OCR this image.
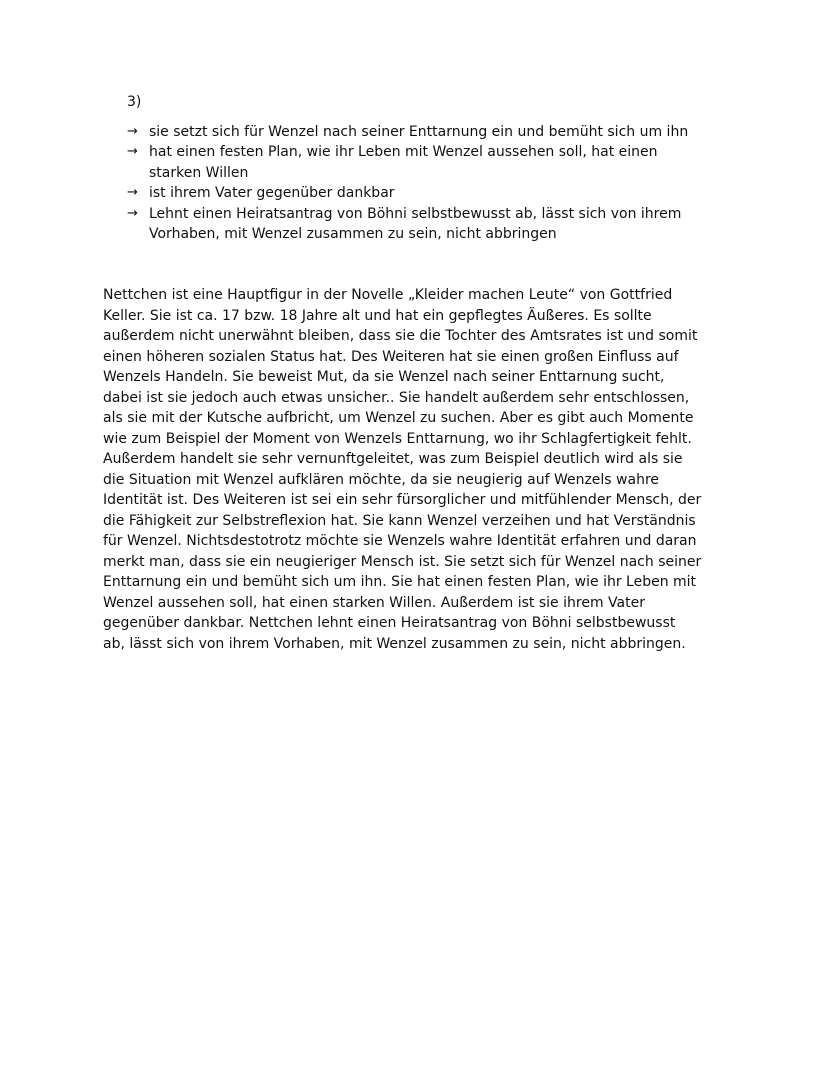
3)

→ sie setzt sich für Wenzel nach seiner Enttarnung ein und bemüht sich um ihn
→ hat einen festen Plan, wie ihr Leben mit Wenzel aussehen soll, hat einen
starken Willen
→ ist ihrem Vater gegenüber dankbar
→ Lehnt einen Heiratsantrag von Böhni selbstbewusst ab, lässt sich von ihrem
Vorhaben, mit Wenzel zusammen zu sein, nicht abbringen

Nettchen ist eine Hauptfigur in der Novelle „Kleider machen Leute“ von Gottfried
Keller. Sie ist ca. 17 bzw. 18 Jahre alt und hat ein gepflegtes Äußeres. Es sollte
außerdem nicht unerwähnt bleiben, dass sie die Tochter des Amtsrates ist und somit
einen höheren sozialen Status hat. Des Weiteren hat sie einen großen Einfluss auf
Wenzels Handeln. Sie beweist Mut, da sie Wenzel nach seiner Enttarnung sucht,
dabei ist sie jedoch auch etwas unsicher.. Sie handelt außerdem sehr entschlossen,
als sie mit der Kutsche aufbricht, um Wenzel zu suchen. Aber es gibt auch Momente
wie zum Beispiel der Moment von Wenzels Enttarnung, wo ihr Schlagfertigkeit fehlt.
Außerdem handelt sie sehr vernunftgeleitet, was zum Beispiel deutlich wird als sie
die Situation mit Wenzel aufklären möchte, da sie neugierig auf Wenzels wahre
Identität ist. Des Weiteren ist sei ein sehr fürsorglicher und mitfühlender Mensch, der
die Fähigkeit zur Selbstreflexion hat. Sie kann Wenzel verzeihen und hat Verständnis
für Wenzel. Nichtsdestotrotz möchte sie Wenzels wahre Identität erfahren und daran
merkt man, dass sie ein neugieriger Mensch ist. Sie setzt sich für Wenzel nach seiner
Enttarnung ein und bemüht sich um ihn. Sie hat einen festen Plan, wie ihr Leben mit
Wenzel aussehen soll, hat einen starken Willen. Außerdem ist sie ihrem Vater
gegenüber dankbar. Nettchen lehnt einen Heiratsantrag von Böhni selbstbewusst
ab, lässt sich von ihrem Vorhaben, mit Wenzel zusammen zu sein, nicht abbringen.
